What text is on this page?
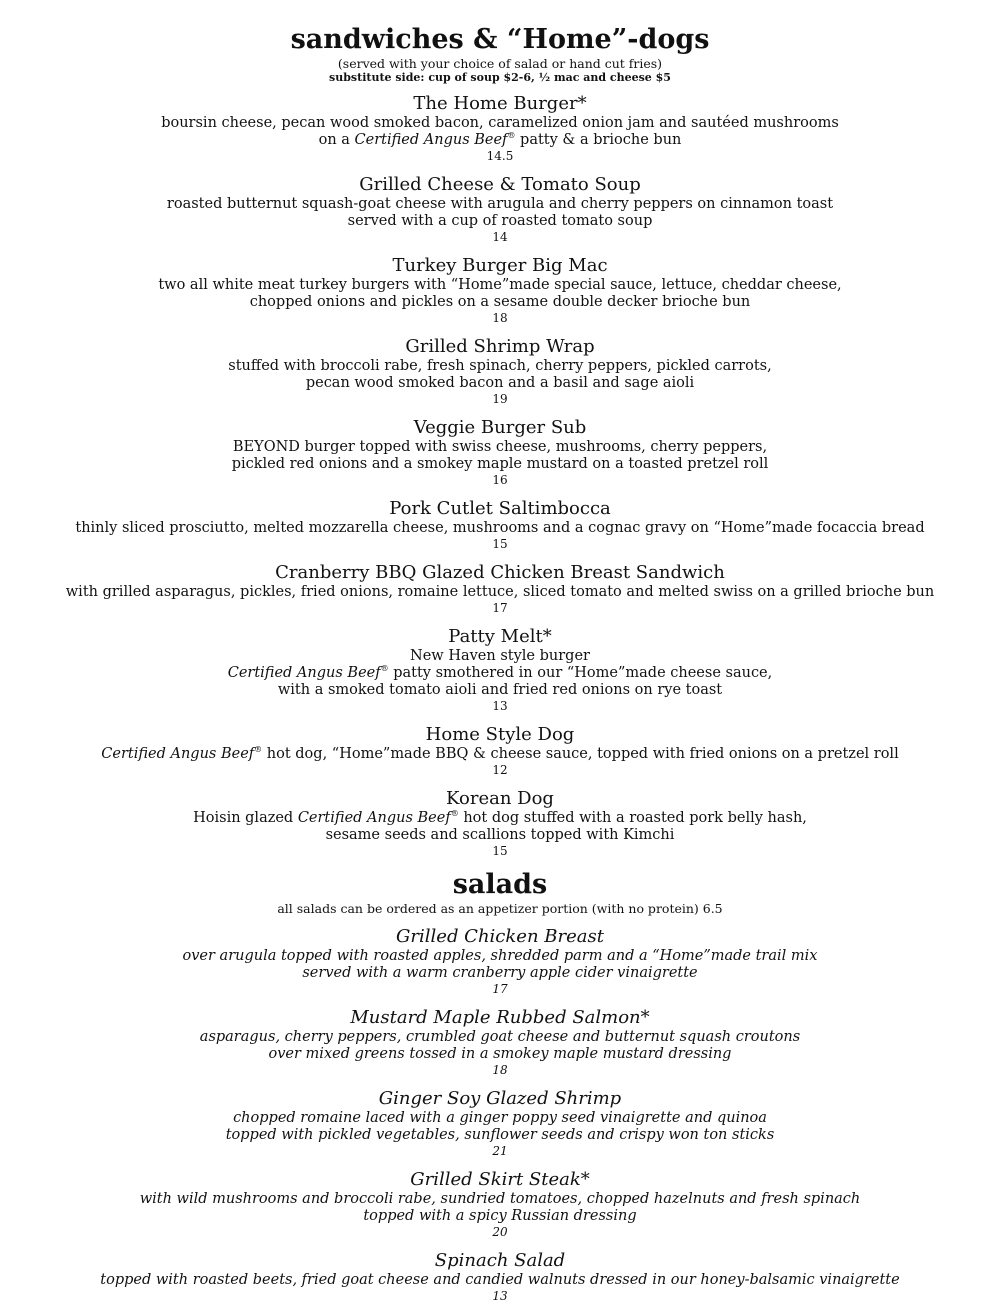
sandwiches & “Home”-dogs

(served with your choice of salad or hand cut fries)

substitute side: cup of soup $2-6, ½ mac and cheese $5

The Home Burger*

boursin cheese, pecan wood smoked bacon, caramelized onion jam and sautéed mushrooms

on a Certified Angus Beef® patty & a brioche bun

14.5

Grilled Cheese & Tomato Soup

roasted butternut squash-goat cheese with arugula and cherry peppers on cinnamon toast

served with a cup of roasted tomato soup

14

Turkey Burger Big Mac

two all white meat turkey burgers with “Home”made special sauce, lettuce, cheddar cheese,

chopped onions and pickles on a sesame double decker brioche bun

18

Grilled Shrimp Wrap

stuffed with broccoli rabe, fresh spinach, cherry peppers, pickled carrots,

pecan wood smoked bacon and a basil and sage aioli

19

Veggie Burger Sub

BEYOND burger topped with swiss cheese, mushrooms, cherry peppers,

pickled red onions and a smokey maple mustard on a toasted pretzel roll

16

Pork Cutlet Saltimbocca

thinly sliced prosciutto, melted mozzarella cheese, mushrooms and a cognac gravy on “Home”made focaccia bread

15

Cranberry BBQ Glazed Chicken Breast Sandwich

with grilled asparagus, pickles, fried onions, romaine lettuce, sliced tomato and melted swiss on a grilled brioche bun

17

Patty Melt*

New Haven style burger

Certified Angus Beef® patty smothered in our “Home”made cheese sauce,

with a smoked tomato aioli and fried red onions on rye toast

13

Home Style Dog

Certified Angus Beef® hot dog, “Home”made BBQ & cheese sauce, topped with fried onions on a pretzel roll

12

Korean Dog

Hoisin glazed Certified Angus Beef® hot dog stuffed with a roasted pork belly hash,

sesame seeds and scallions topped with Kimchi

15

salads

all salads can be ordered as an appetizer portion (with no protein) 6.5

Grilled Chicken Breast

over arugula topped with roasted apples, shredded parm and a “Home”made trail mix

served with a warm cranberry apple cider vinaigrette

17

Mustard Maple Rubbed Salmon*

asparagus, cherry peppers, crumbled goat cheese and butternut squash croutons

over mixed greens tossed in a smokey maple mustard dressing

18

Ginger Soy Glazed Shrimp

chopped romaine laced with a ginger poppy seed vinaigrette and quinoa

topped with pickled vegetables, sunflower seeds and crispy won ton sticks

21

Grilled Skirt Steak*

with wild mushrooms and broccoli rabe, sundried tomatoes, chopped hazelnuts and fresh spinach

topped with a spicy Russian dressing

20

Spinach Salad

topped with roasted beets, fried goat cheese and candied walnuts dressed in our honey-balsamic vinaigrette

13
